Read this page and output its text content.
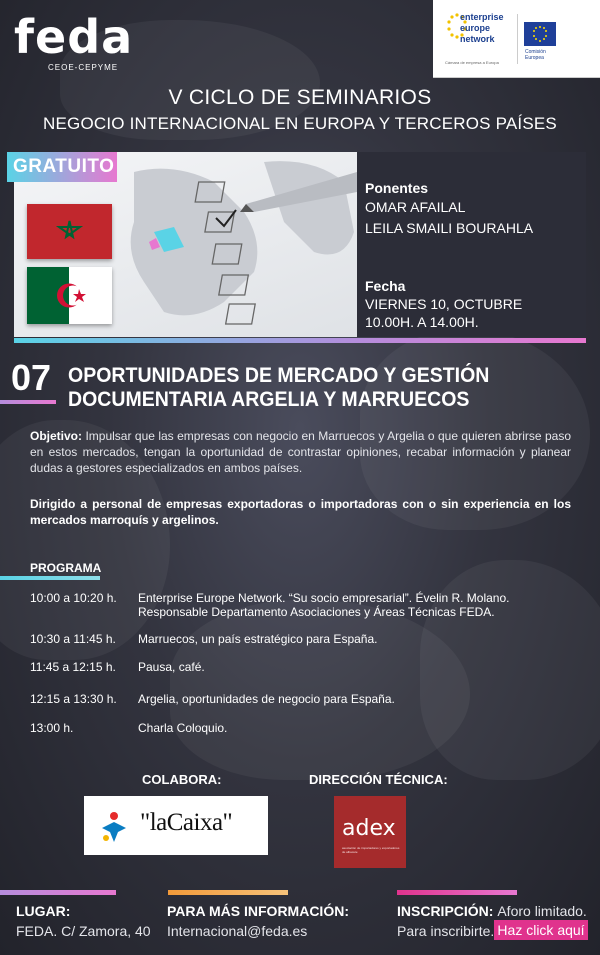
feda
CEOE-CEPYME
enterprise europe network
Cámara de empresa a Europa
Comisión Europea
V CICLO DE SEMINARIOS
NEGOCIO INTERNACIONAL EN EUROPA Y TERCEROS PAÍSES
GRATUITO
Ponentes
OMAR AFAILAL
LEILA SMAILI BOURAHLA
Fecha
VIERNES 10, OCTUBRE
10.00H. A 14.00H.
07 OPORTUNIDADES DE MERCADO Y GESTIÓN
DOCUMENTARIA ARGELIA Y MARRUECOS
Objetivo: Impulsar que las empresas con negocio en Marruecos y Argelia o que quieren abrirse paso en estos mercados, tengan la oportunidad de contrastar opiniones, recabar información y planear dudas a gestores especializados en ambos países.
Dirigido a personal de empresas exportadoras o importadoras con o sin experiencia en los mercados marroquís y argelinos.
PROGRAMA
10:00 a 10:20 h. Enterprise Europe Network. “Su socio empresarial”. Évelin R. Molano.
Responsable Departamento Asociaciones y Áreas Técnicas FEDA.
10:30 a 11:45 h. Marruecos, un país estratégico para España.
11:45 a 12:15 h. Pausa, café.
12:15 a 13:30 h. Argelia, oportunidades de negocio para España.
13:00 h.	Charla Coloquio.
COLABORA:	DIRECCIÓN TÉCNICA:
"laCaixa"	adex
asociación de importadores y exportadores de albacete
LUGAR:
FEDA. C/ Zamora, 40
PARA MÁS INFORMACIÓN:
Internacional@feda.es
INSCRIPCIÓN: Aforo limitado.
Para inscribirte. Haz click aquí
